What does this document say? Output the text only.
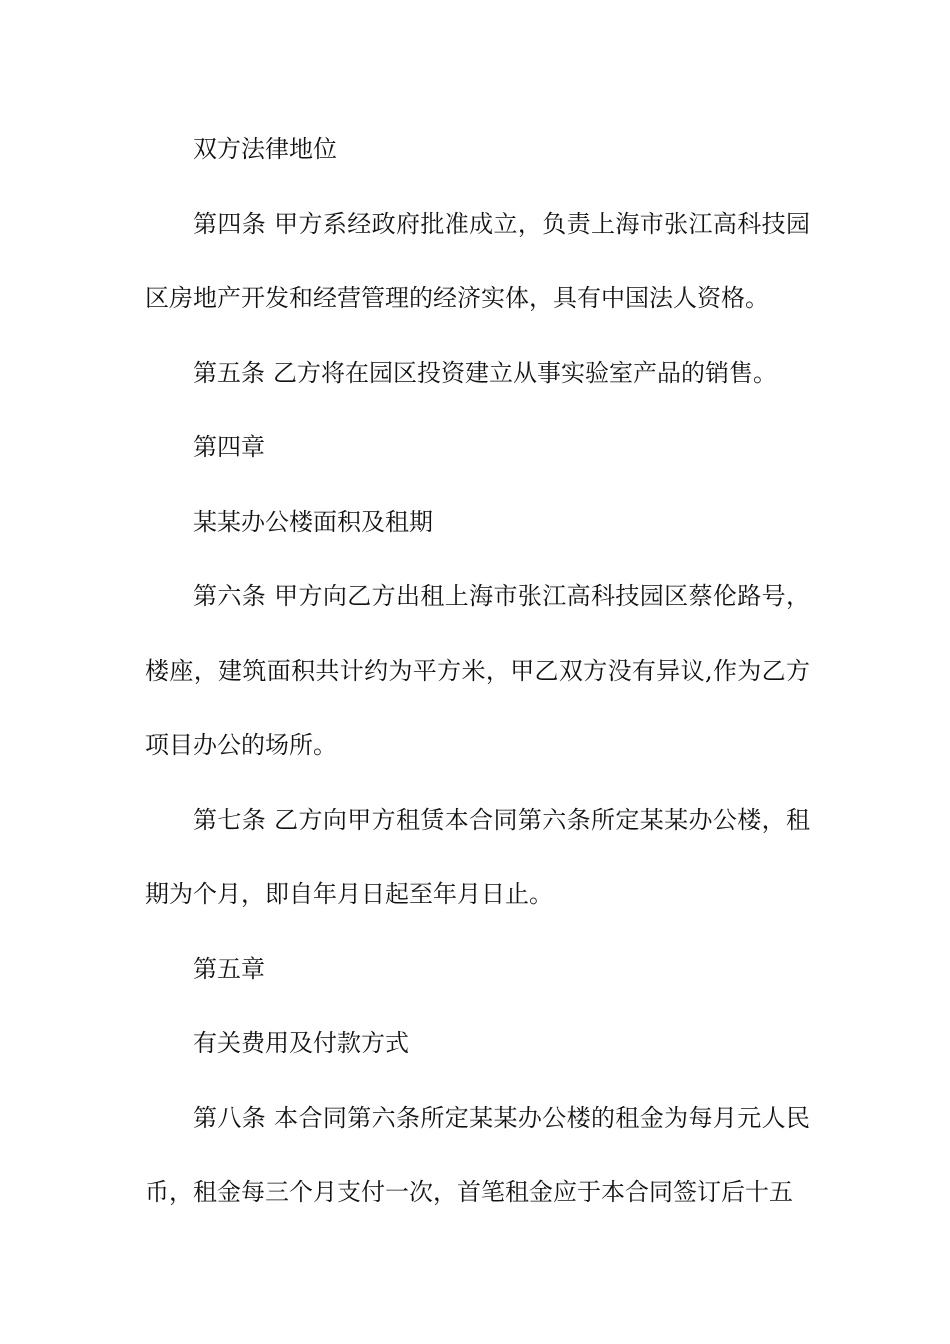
双方法律地位

第四条 甲方系经政府批准成立，负责上海市张江高科技园区房地产开发和经营管理的经济实体，具有中国法人资格。

第五条 乙方将在园区投资建立从事实验室产品的销售。

第四章

某某办公楼面积及租期

第六条 甲方向乙方出租上海市张江高科技园区蔡伦路号，楼座，建筑面积共计约为平方米，甲乙双方没有异议,作为乙方项目办公的场所。

第七条 乙方向甲方租赁本合同第六条所定某某办公楼，租期为个月，即自年月日起至年月日止。

第五章

有关费用及付款方式

第八条 本合同第六条所定某某办公楼的租金为每月元人民币，租金每三个月支付一次，首笔租金应于本合同签订后十五
